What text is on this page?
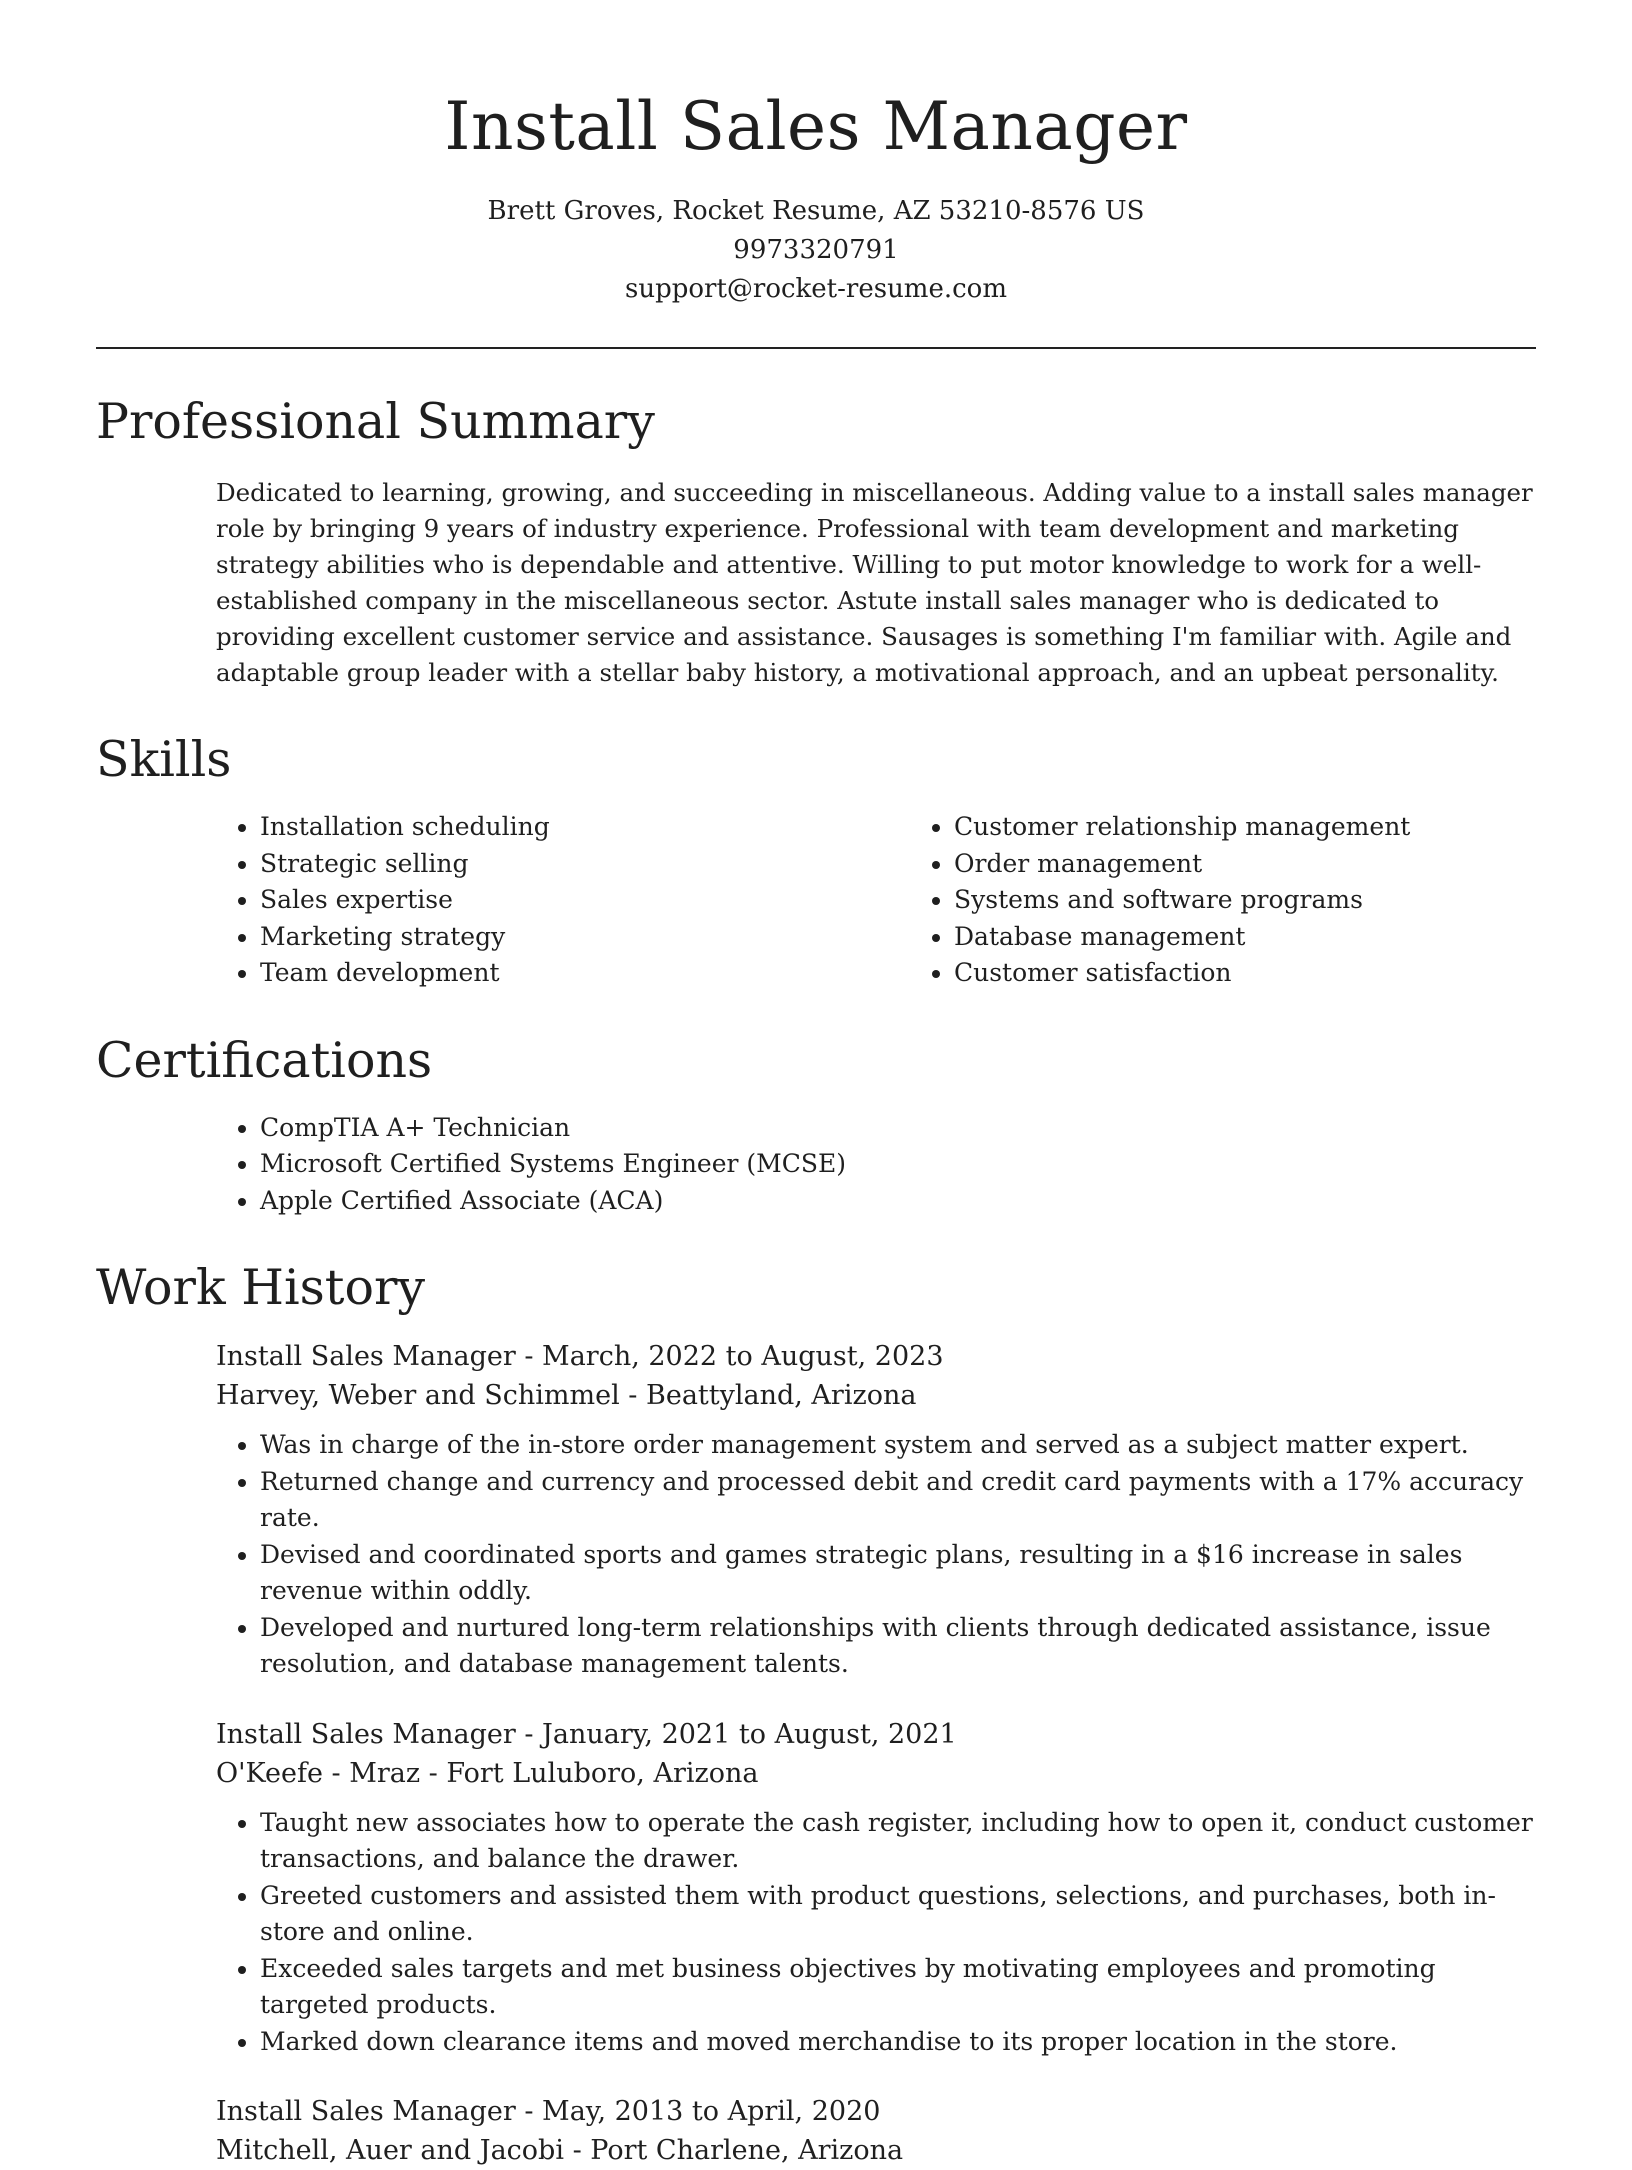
Install Sales Manager
Brett Groves, Rocket Resume, AZ 53210-8576 US
9973320791
support@rocket-resume.com
Professional Summary

Dedicated to learning, growing, and succeeding in miscellaneous. Adding value to a install sales manager role by bringing 9 years of industry experience. Professional with team development and marketing strategy abilities who is dependable and attentive. Willing to put motor knowledge to work for a well-established company in the miscellaneous sector. Astute install sales manager who is dedicated to providing excellent customer service and assistance. Sausages is something I'm familiar with. Agile and adaptable group leader with a stellar baby history, a motivational approach, and an upbeat personality.

Skills
• Installation scheduling
• Strategic selling
• Sales expertise
• Marketing strategy
• Team development
• Customer relationship management
• Order management
• Systems and software programs
• Database management
• Customer satisfaction
Certifications
• CompTIA A+ Technician
• Microsoft Certified Systems Engineer (MCSE)
• Apple Certified Associate (ACA)
Work History
Install Sales Manager - March, 2022 to August, 2023
Harvey, Weber and Schimmel - Beattyland, Arizona
• Was in charge of the in-store order management system and served as a subject matter expert.
• Returned change and currency and processed debit and credit card payments with a 17% accuracy rate.
• Devised and coordinated sports and games strategic plans, resulting in a $16 increase in sales revenue within oddly.
• Developed and nurtured long-term relationships with clients through dedicated assistance, issue resolution, and database management talents.
Install Sales Manager - January, 2021 to August, 2021
O'Keefe - Mraz - Fort Luluboro, Arizona
• Taught new associates how to operate the cash register, including how to open it, conduct customer transactions, and balance the drawer.
• Greeted customers and assisted them with product questions, selections, and purchases, both in-store and online.
• Exceeded sales targets and met business objectives by motivating employees and promoting targeted products.
• Marked down clearance items and moved merchandise to its proper location in the store.
Install Sales Manager - May, 2013 to April, 2020
Mitchell, Auer and Jacobi - Port Charlene, Arizona
